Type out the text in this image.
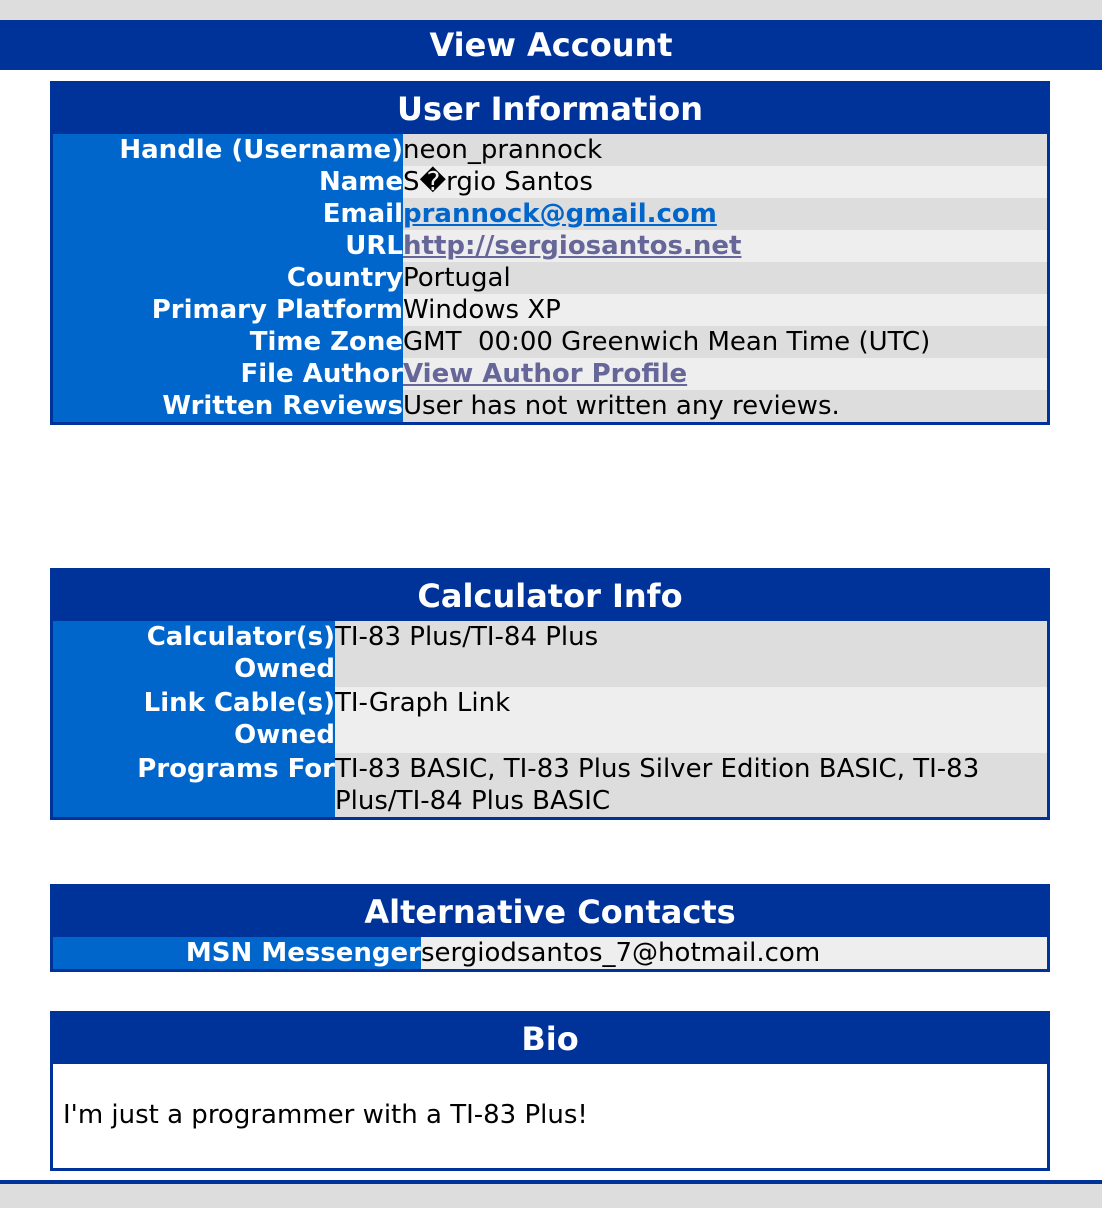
View Account
User Information
Handle (Username)	neon_prannock
Name	S�rgio Santos
Email	prannock@gmail.com
URL	http://sergiosantos.net
Country	Portugal
Primary Platform	Windows XP
Time Zone	GMT  00:00 Greenwich Mean Time (UTC)
File Author	View Author Profile
Written Reviews	User has not written any reviews.
Calculator Info
Calculator(s) Owned	TI-83 Plus/TI-84 Plus
Link Cable(s) Owned	TI-Graph Link
Programs For	TI-83 BASIC, TI-83 Plus Silver Edition BASIC, TI-83 Plus/TI-84 Plus BASIC
Alternative Contacts
MSN Messenger	sergiodsantos_7@hotmail.com
Bio
I'm just a programmer with a TI-83 Plus!
